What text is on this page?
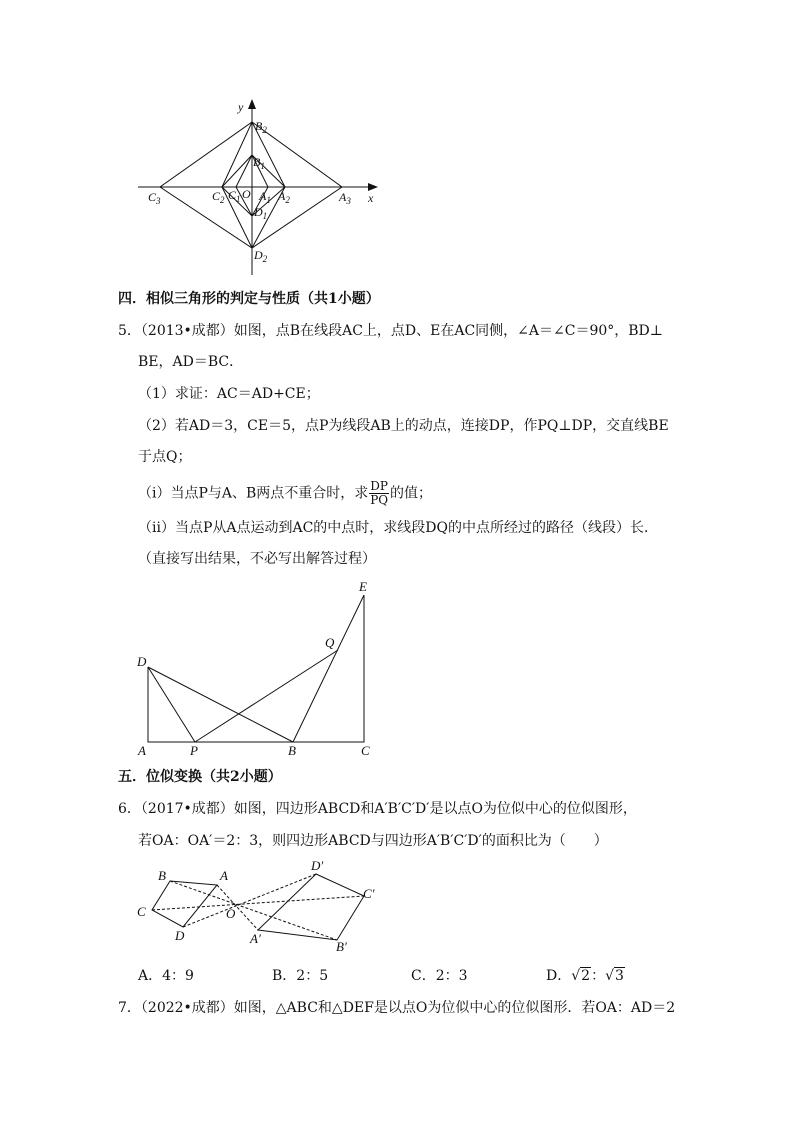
y
x
$B_2$
$B_1$
$C_3$	$C_2$ $C_1$ O $A_1$ $A_2$	$A_3$
$D_1$
$D_2$
四．相似三角形的判定与性质（共1小题）
5．（2013•成都）如图，点B在线段AC上，点D、E在AC同侧，∠A＝∠C＝90°，BD⊥
BE，AD＝BC．
（1）求证：AC＝AD+CE；
（2）若AD＝3，CE＝5，点P为线段AB上的动点，连接DP，作PQ⊥DP，交直线BE
于点Q；
（i）当点P与A、B两点不重合时，求 $\frac{DP}{PQ}$ 的值；
（ii）当点P从A点运动到AC的中点时，求线段DQ的中点所经过的路径（线段）长．
（直接写出结果，不必写出解答过程）
E
Q
D
A	P	B	C
五．位似变换（共2小题）
6．（2017•成都）如图，四边形ABCD和A′B′C′D′是以点O为位似中心的位似图形，
若OA：OA′＝2：3，则四边形ABCD与四边形A′B′C′D′的面积比为（　　）
B	A
C
D
O
D′
C′
A′
B′
A．4：9	B．2：5	C．2：3	D．√2：√3
7．（2022•成都）如图，△ABC和△DEF是以点O为位似中心的位似图形．若OA：AD＝2
